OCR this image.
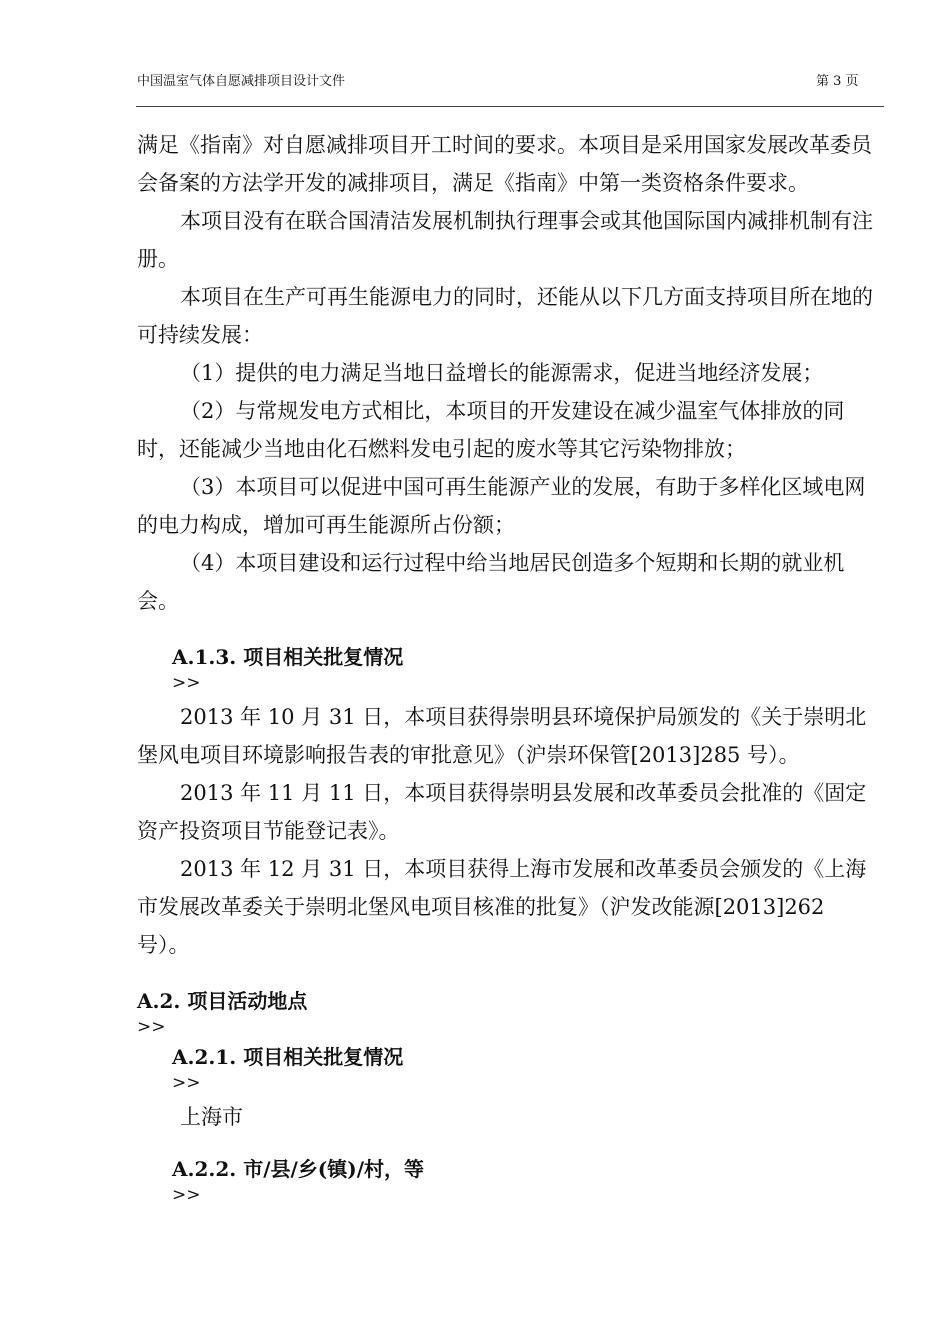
中国温室气体自愿减排项目设计文件	第 3 页

满足《指南》对自愿减排项目开工时间的要求。本项目是采用国家发展改革委员会备案的方法学开发的减排项目，满足《指南》中第一类资格条件要求。

本项目没有在联合国清洁发展机制执行理事会或其他国际国内减排机制有注册。

本项目在生产可再生能源电力的同时，还能从以下几方面支持项目所在地的可持续发展：

（1）提供的电力满足当地日益增长的能源需求，促进当地经济发展；

（2）与常规发电方式相比，本项目的开发建设在减少温室气体排放的同时，还能减少当地由化石燃料发电引起的废水等其它污染物排放；

（3）本项目可以促进中国可再生能源产业的发展，有助于多样化区域电网的电力构成，增加可再生能源所占份额；

（4）本项目建设和运行过程中给当地居民创造多个短期和长期的就业机会。

A.1.3. 项目相关批复情况

>>

2013 年 10 月 31 日，本项目获得崇明县环境保护局颁发的《关于崇明北堡风电项目环境影响报告表的审批意见》（沪崇环保管[2013]285 号）。

2013 年 11 月 11 日，本项目获得崇明县发展和改革委员会批准的《固定资产投资项目节能登记表》。

2013 年 12 月 31 日，本项目获得上海市发展和改革委员会颁发的《上海市发展改革委关于崇明北堡风电项目核准的批复》（沪发改能源[2013]262 号）。

A.2. 项目活动地点

>>

A.2.1. 项目相关批复情况

>>

上海市

A.2.2. 市/县/乡(镇)/村，等

>>
